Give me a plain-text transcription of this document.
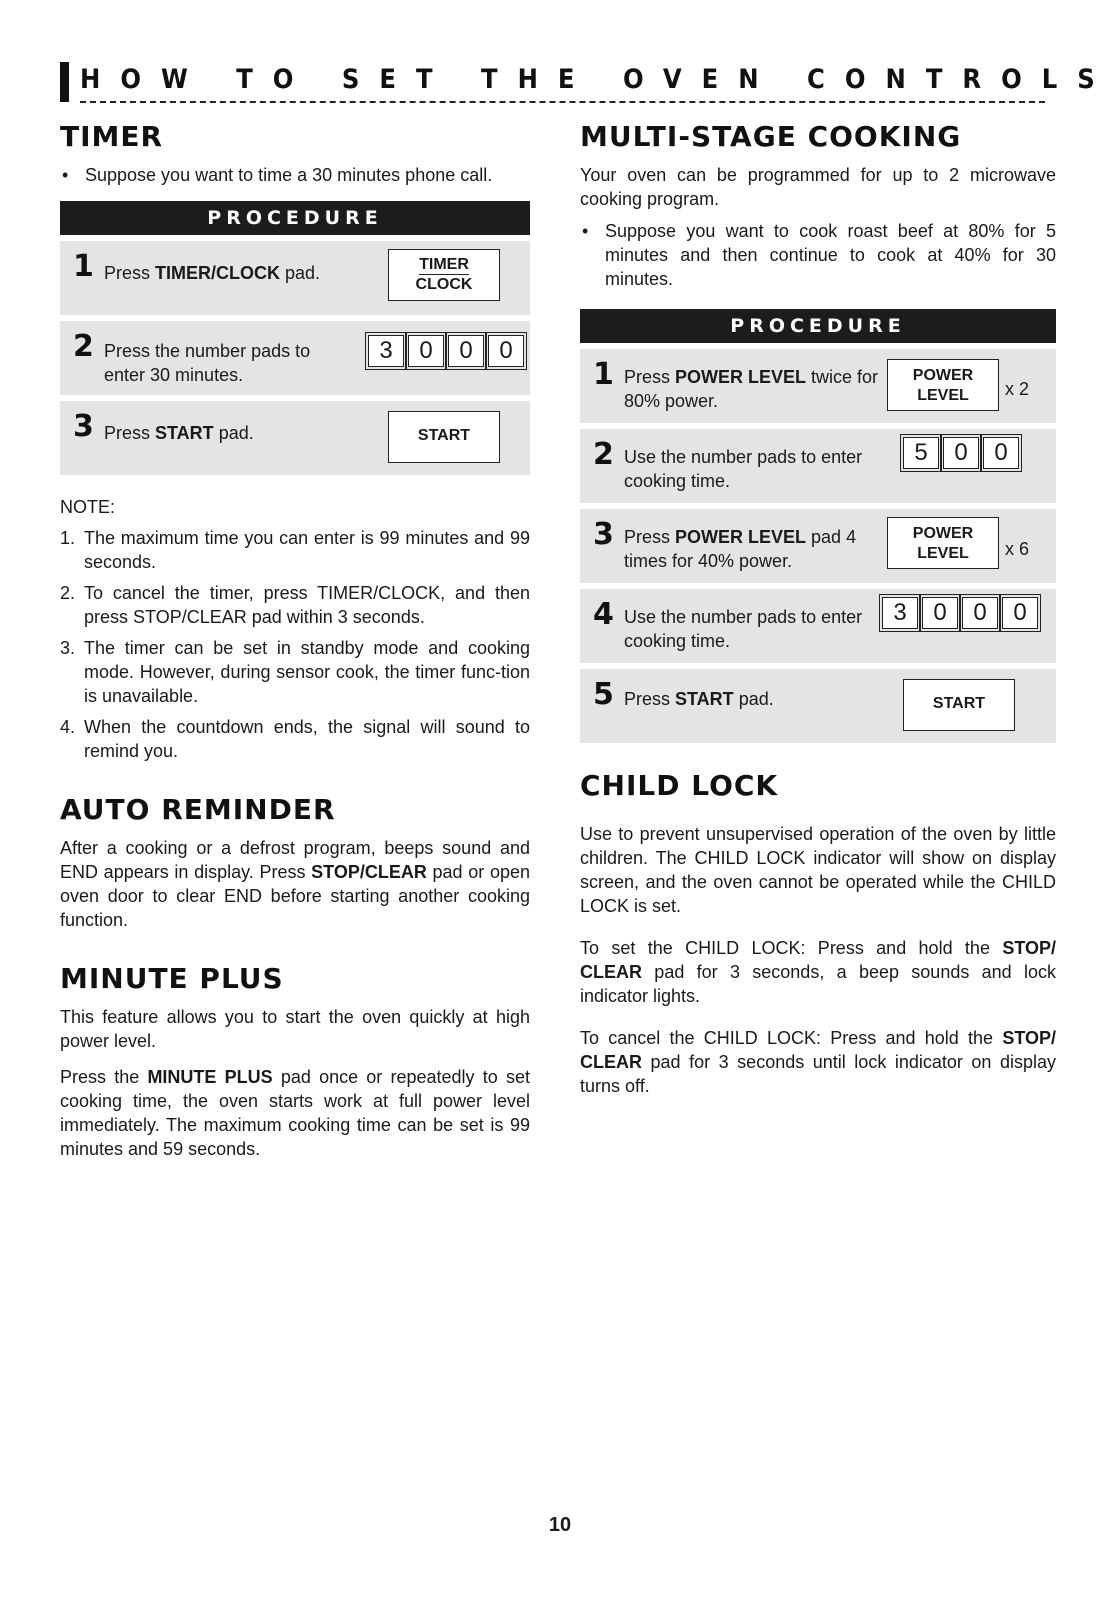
HOW TO SET THE OVEN CONTROLS
TIMER
• Suppose you want to time a 30 minutes phone call.
PROCEDURE
1 Press TIMER/CLOCK pad.	TIMER
CLOCK
2 Press the number pads to enter 30 minutes.
3	0	0	0
3 Press START pad.	START
NOTE:
1. The maximum time you can enter is 99 minutes and 99 seconds.
2. To cancel the timer, press TIMER/CLOCK, and then press STOP/CLEAR pad within 3 seconds.
3. The timer can be set in standby mode and cooking mode. However, during sensor cook, the timer func-tion is unavailable.
4. When the countdown ends, the signal will sound to remind you.
AUTO REMINDER

After a cooking or a defrost program, beeps sound and END appears in display. Press STOP/CLEAR pad or open oven door to clear END before starting another cooking function.

MINUTE PLUS

This feature allows you to start the oven quickly at high power level.

Press the MINUTE PLUS pad once or repeatedly to set cooking time, the oven starts work at full power level immediately. The maximum cooking time can be set is 99 minutes and 59 seconds.

MULTI-STAGE COOKING

Your oven can be programmed for up to 2 microwave cooking program.

• Suppose you want to cook roast beef at 80% for 5 minutes and then continue to cook at 40% for 30 minutes.
PROCEDURE
1 Press POWER LEVEL twice for 80% power.
POWER
LEVEL	x 2
2 Use the number pads to enter cooking time.
5	0	0
3 Press POWER LEVEL pad 4 times for 40% power.
POWER
LEVEL	x 6
4 Use the number pads to enter cooking time.
3	0	0	0
5 Press START pad.	START
CHILD LOCK

Use to prevent unsupervised operation of the oven by little children. The CHILD LOCK indicator will show on display screen, and the oven cannot be operated while the CHILD LOCK is set.

To set the CHILD LOCK: Press and hold the STOP/ CLEAR pad for 3 seconds, a beep sounds and lock indicator lights.

To cancel the CHILD LOCK: Press and hold the STOP/ CLEAR pad for 3 seconds until lock indicator on display turns off.

10
